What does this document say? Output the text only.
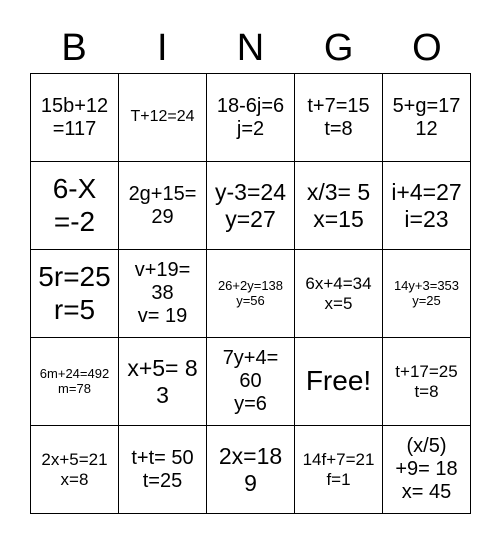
B	I	N	G	O
15b+12
=117
T+12=24
18-6j=6
j=2
t+7=15
t=8
5+g=17
12
6-X
=-2
2g+15=
29
y-3=24
y=27
x/3= 5
x=15
i+4=27
i=23
5r=25
r=5
v+19=
38
v= 19
26+2y=138
y=56
6x+4=34
x=5
14y+3=353
y=25
6m+24=492
m=78
x+5= 8
3
7y+4=
60
y=6
Free!	t+17=25
t=8
2x+5=21
x=8
t+t= 50
t=25
2x=18
9
14f+7=21
f=1
(x/5)
+9= 18
x= 45
